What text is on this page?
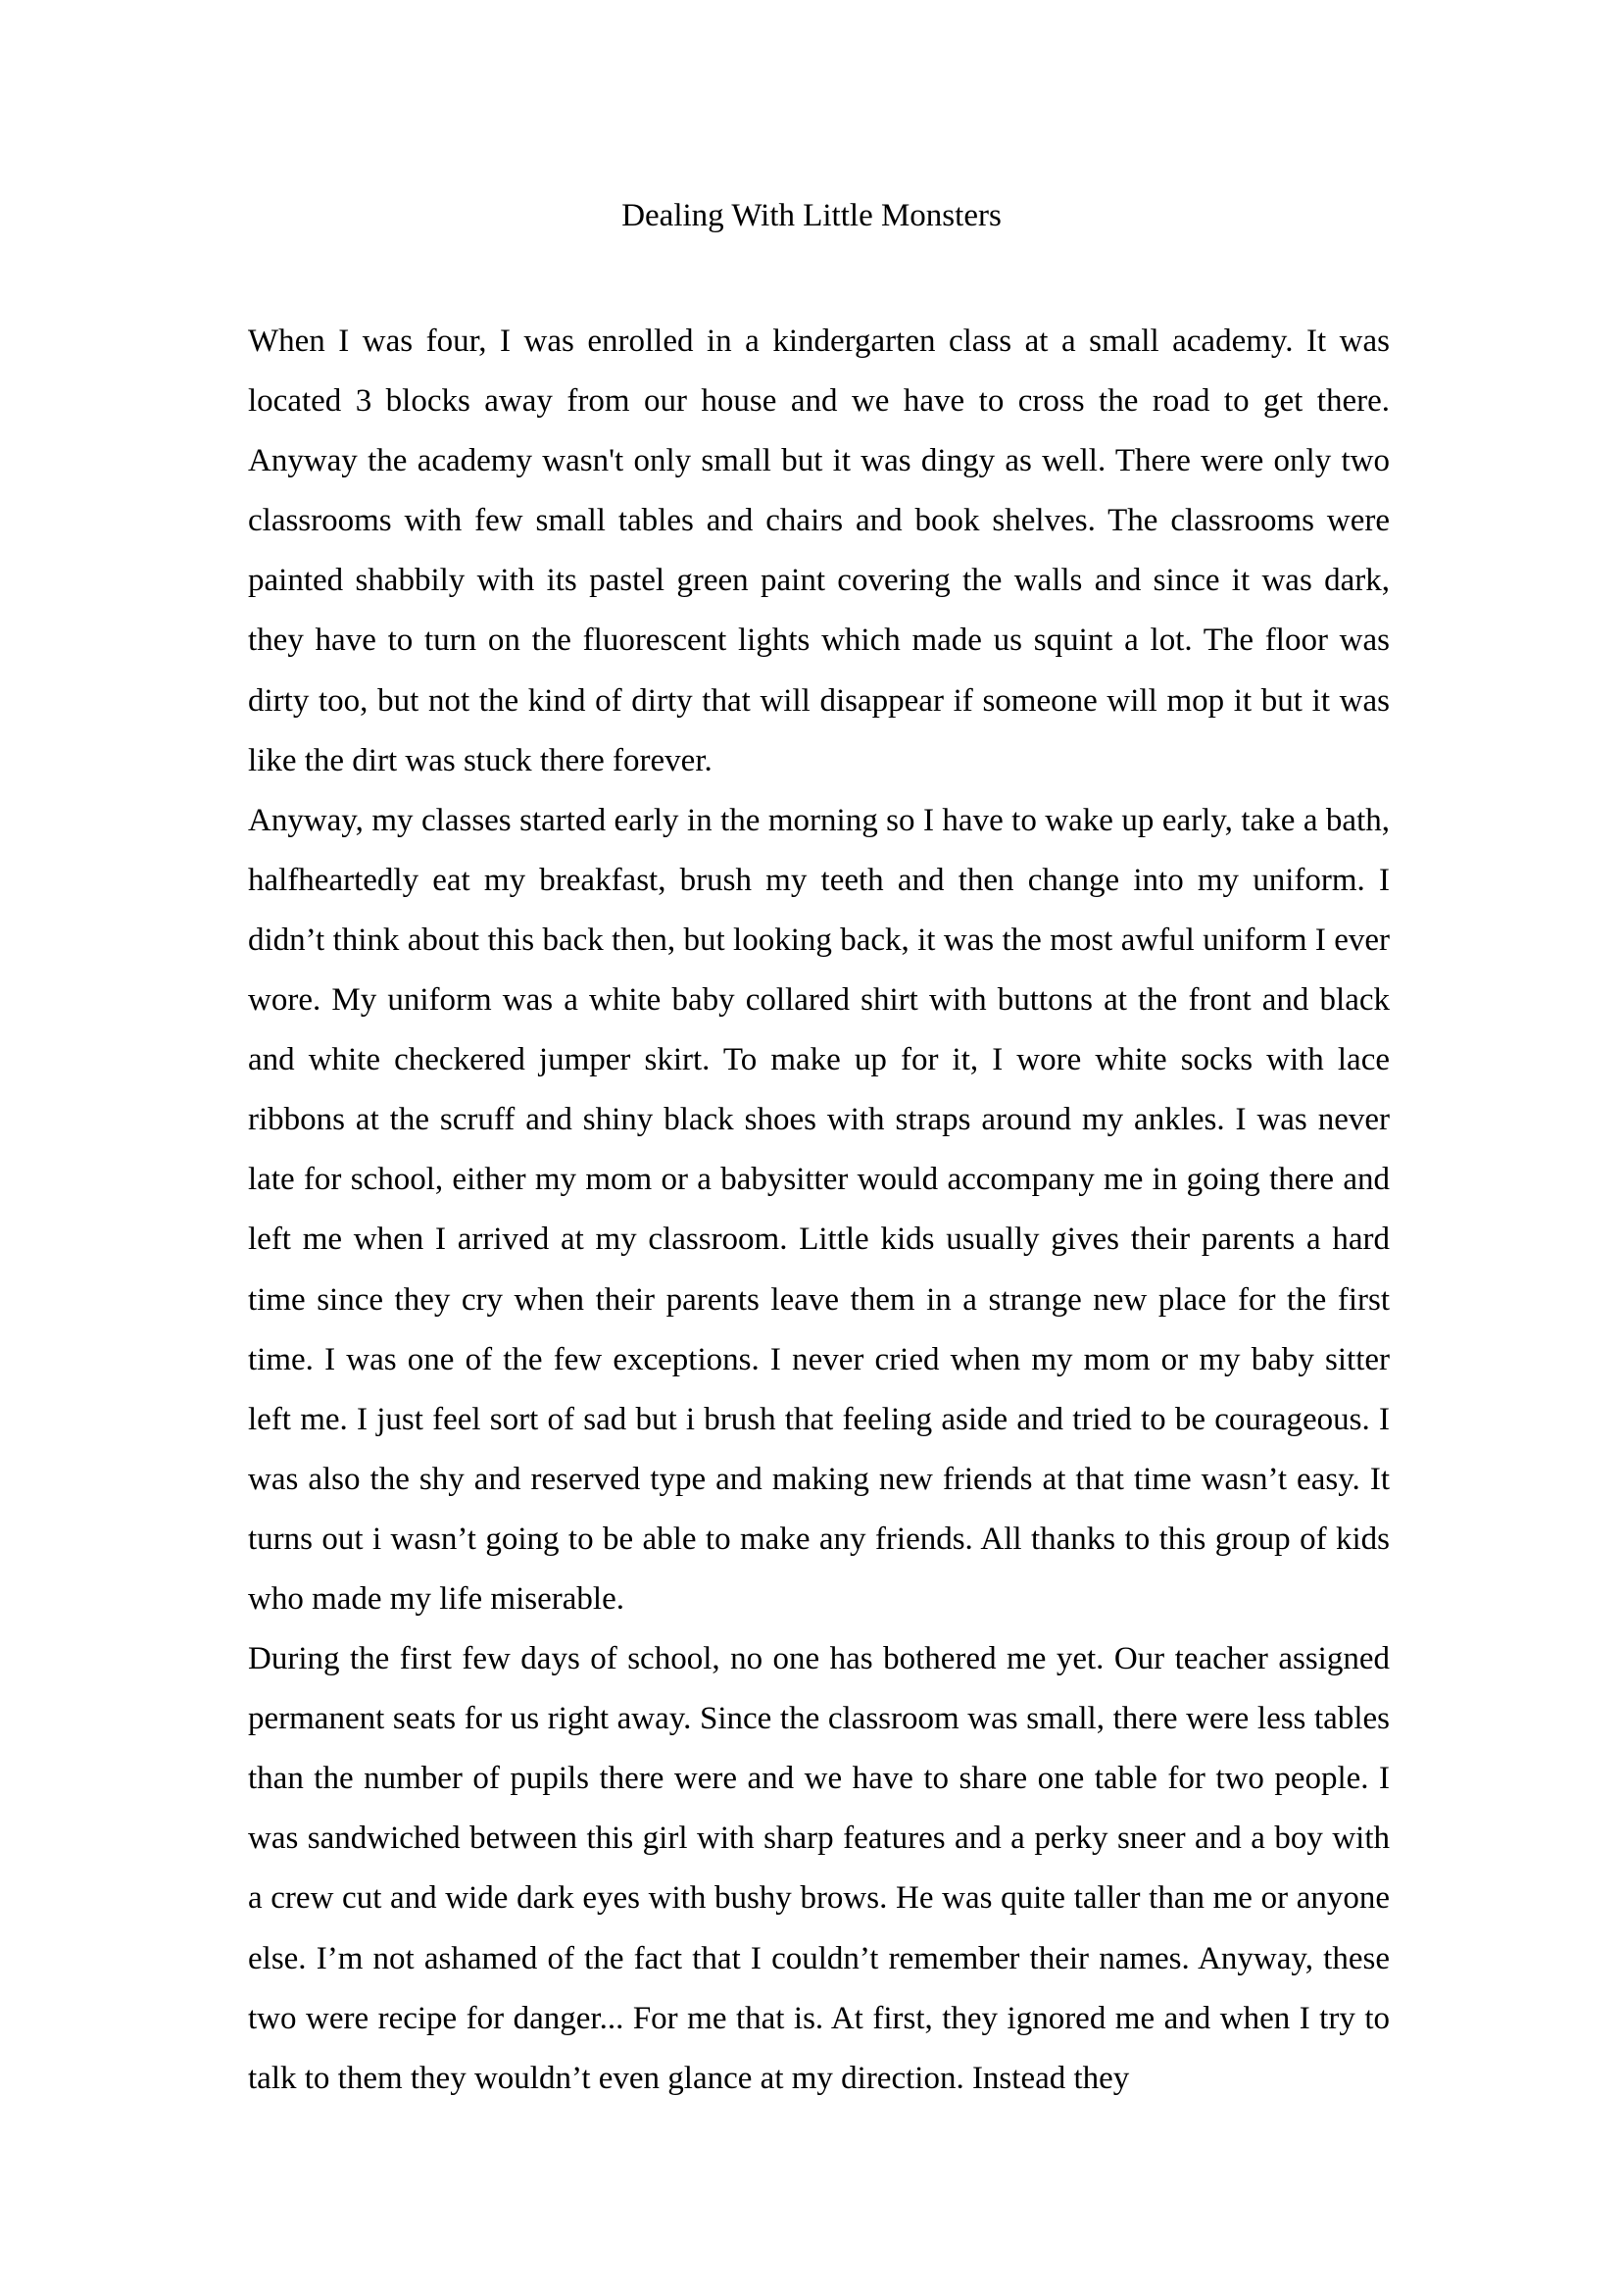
Dealing With Little Monsters

When I was four, I was enrolled in a kindergarten class at a small academy. It was located 3 blocks away from our house and we have to cross the road to get there. Anyway the academy wasn't only small but it was dingy as well. There were only two classrooms with few small tables and chairs and book shelves. The classrooms were painted shabbily with its pastel green paint covering the walls and since it was dark, they have to turn on the fluorescent lights which made us squint a lot. The floor was dirty too, but not the kind of dirty that will disappear if someone will mop it but it was like the dirt was stuck there forever.

Anyway, my classes started early in the morning so I have to wake up early, take a bath, halfheartedly eat my breakfast, brush my teeth and then change into my uniform. I didn’t think about this back then, but looking back, it was the most awful uniform I ever wore. My uniform was a white baby collared shirt with buttons at the front and black and white checkered jumper skirt. To make up for it, I wore white socks with lace ribbons at the scruff and shiny black shoes with straps around my ankles. I was never late for school, either my mom or a babysitter would accompany me in going there and left me when I arrived at my classroom. Little kids usually gives their parents a hard time since they cry when their parents leave them in a strange new place for the first time. I was one of the few exceptions. I never cried when my mom or my baby sitter left me. I just feel sort of sad but i brush that feeling aside and tried to be courageous. I was also the shy and reserved type and making new friends at that time wasn’t easy. It turns out i wasn’t going to be able to make any friends. All thanks to this group of kids who made my life miserable.

During the first few days of school, no one has bothered me yet. Our teacher assigned permanent seats for us right away. Since the classroom was small, there were less tables than the number of pupils there were and we have to share one table for two people. I was sandwiched between this girl with sharp features and a perky sneer and a boy with a crew cut and wide dark eyes with bushy brows. He was quite taller than me or anyone else. I’m not ashamed of the fact that I couldn’t remember their names. Anyway, these two were recipe for danger... For me that is. At first, they ignored me and when I try to talk to them they wouldn’t even glance at my direction. Instead they
